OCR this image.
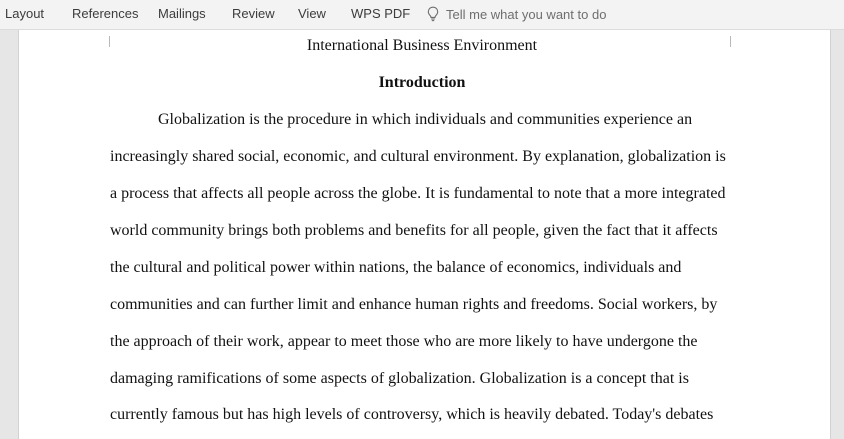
Layout References Mailings Review View WPS PDF	Tell me what you want to do
International Business Environment
Introduction
Globalization is the procedure in which individuals and communities experience an
increasingly shared social, economic, and cultural environment. By explanation, globalization is
a process that affects all people across the globe. It is fundamental to note that a more integrated
world community brings both problems and benefits for all people, given the fact that it affects
the cultural and political power within nations, the balance of economics, individuals and
communities and can further limit and enhance human rights and freedoms. Social workers, by
the approach of their work, appear to meet those who are more likely to have undergone the
damaging ramifications of some aspects of globalization. Globalization is a concept that is
currently famous but has high levels of controversy, which is heavily debated. Today's debates
